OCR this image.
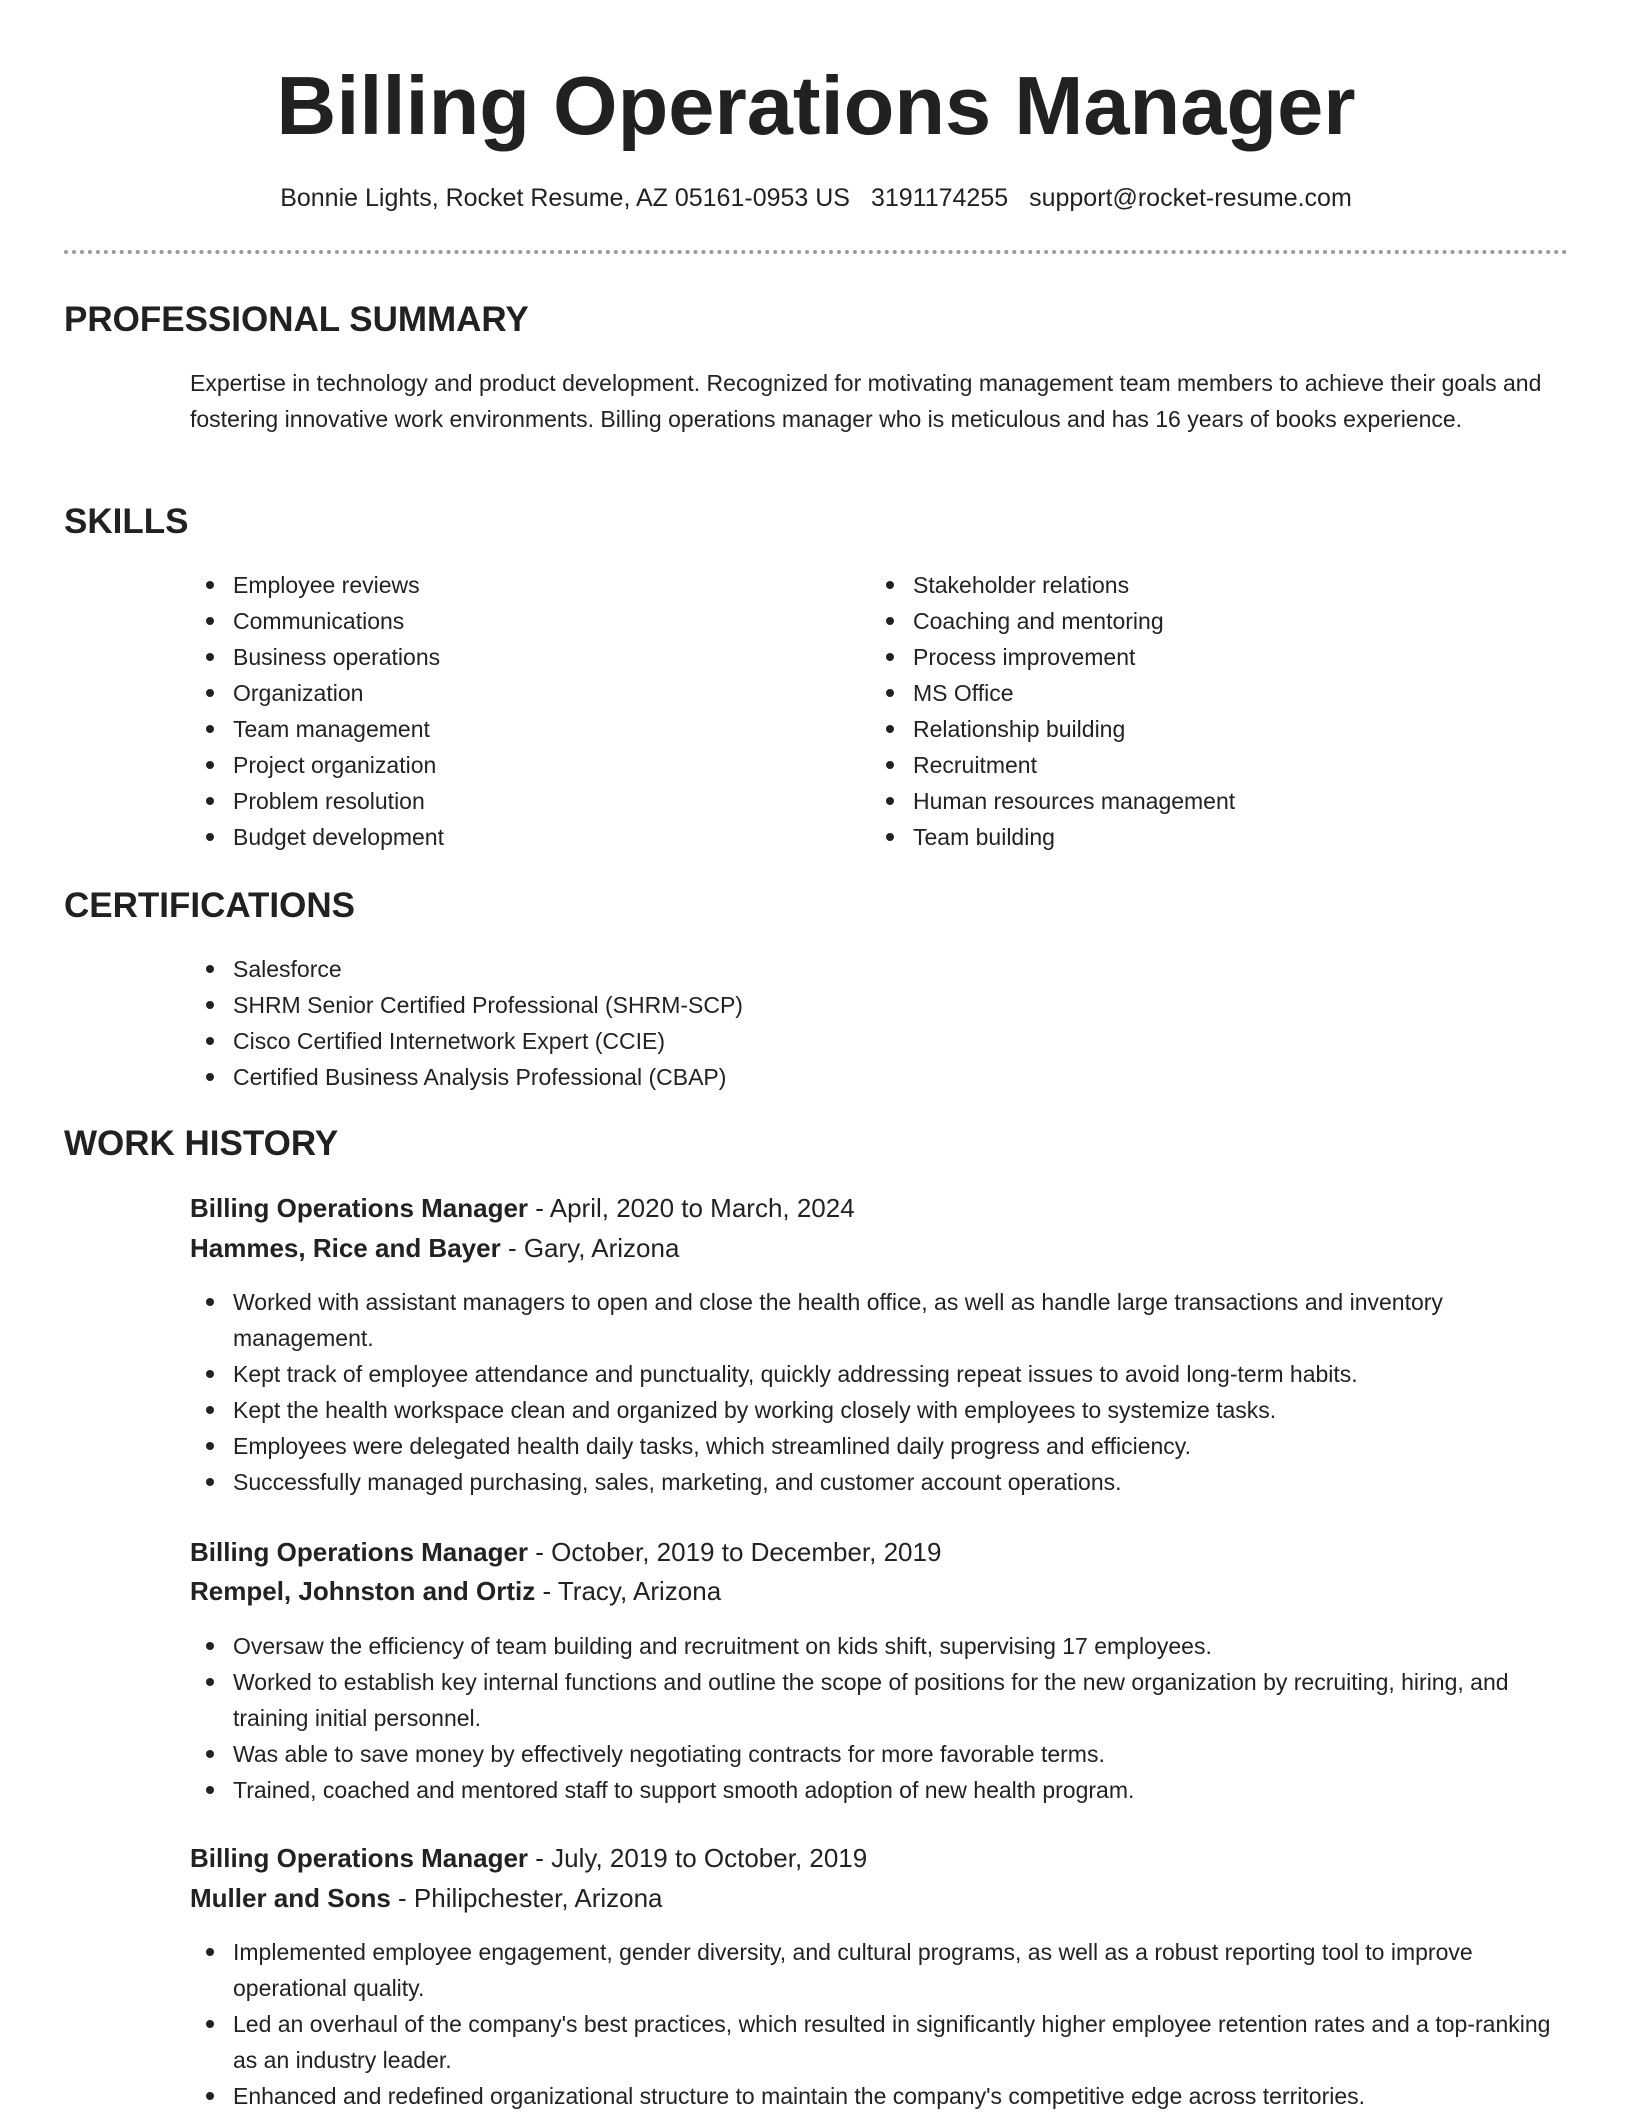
Billing Operations Manager
Bonnie Lights, Rocket Resume, AZ 05161-0953 US 3191174255 support@rocket-resume.com
PROFESSIONAL SUMMARY

Expertise in technology and product development. Recognized for motivating management team members to achieve their goals and fostering innovative work environments. Billing operations manager who is meticulous and has 16 years of books experience.

SKILLS
Employee reviews
Communications
Business operations
Organization
Team management
Project organization
Problem resolution
Budget development
Stakeholder relations
Coaching and mentoring
Process improvement
MS Office
Relationship building
Recruitment
Human resources management
Team building
CERTIFICATIONS
Salesforce
SHRM Senior Certified Professional (SHRM-SCP)
Cisco Certified Internetwork Expert (CCIE)
Certified Business Analysis Professional (CBAP)
WORK HISTORY
Billing Operations Manager - April, 2020 to March, 2024
Hammes, Rice and Bayer - Gary, Arizona
Worked with assistant managers to open and close the health office, as well as handle large transactions and inventory management.
Kept track of employee attendance and punctuality, quickly addressing repeat issues to avoid long-term habits.
Kept the health workspace clean and organized by working closely with employees to systemize tasks.
Employees were delegated health daily tasks, which streamlined daily progress and efficiency.
Successfully managed purchasing, sales, marketing, and customer account operations.
Billing Operations Manager - October, 2019 to December, 2019
Rempel, Johnston and Ortiz - Tracy, Arizona
Oversaw the efficiency of team building and recruitment on kids shift, supervising 17 employees.
Worked to establish key internal functions and outline the scope of positions for the new organization by recruiting, hiring, and training initial personnel.
Was able to save money by effectively negotiating contracts for more favorable terms.
Trained, coached and mentored staff to support smooth adoption of new health program.
Billing Operations Manager - July, 2019 to October, 2019
Muller and Sons - Philipchester, Arizona
Implemented employee engagement, gender diversity, and cultural programs, as well as a robust reporting tool to improve operational quality.
Led an overhaul of the company's best practices, which resulted in significantly higher employee retention rates and a top-ranking as an industry leader.
Enhanced and redefined organizational structure to maintain the company's competitive edge across territories.
